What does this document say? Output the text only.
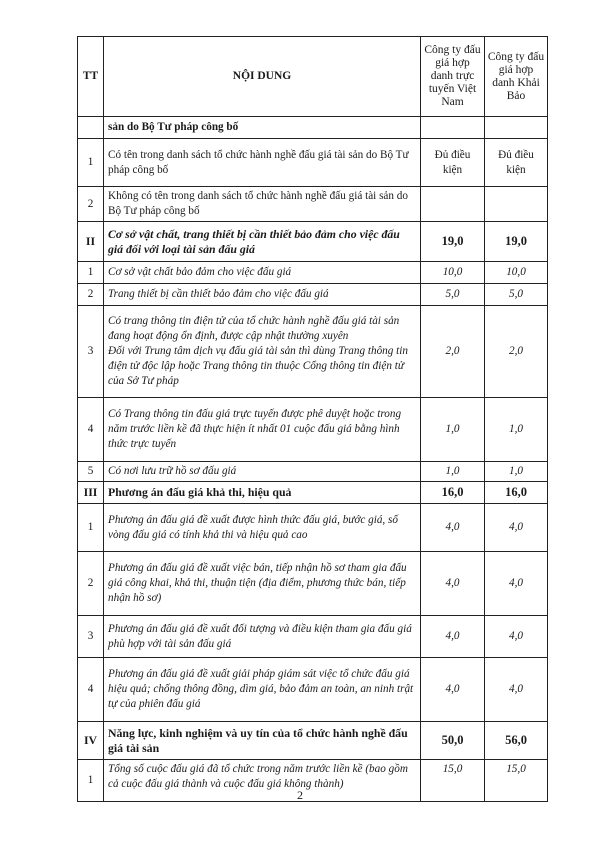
TT	NỘI DUNG	Công ty đấu giá hợp danh trực tuyến Việt Nam	Công ty đấu giá hợp danh Khải Bảo
	sản do Bộ Tư pháp công bố		
1	Có tên trong danh sách tổ chức hành nghề đấu giá tài sản do Bộ Tư pháp công bố	Đủ điều kiện	Đủ điều kiện
2	Không có tên trong danh sách tổ chức hành nghề đấu giá tài sản do Bộ Tư pháp công bố		
II	Cơ sở vật chất, trang thiết bị cần thiết bảo đảm cho việc đấu giá đối với loại tài sản đấu giá	19,0	19,0
1	Cơ sở vật chất bảo đảm cho việc đấu giá	10,0	10,0
2	Trang thiết bị cần thiết bảo đảm cho việc đấu giá	5,0	5,0
3	Có trang thông tin điện tử của tổ chức hành nghề đấu giá tài sản đang hoạt động ổn định, được cập nhật thường xuyên
Đối với Trung tâm dịch vụ đấu giá tài sản thì dùng Trang thông tin điện tử độc lập hoặc Trang thông tin thuộc Cổng thông tin điện tử của Sở Tư pháp	2,0	2,0
4	Có Trang thông tin đấu giá trực tuyến được phê duyệt hoặc trong năm trước liền kề đã thực hiện ít nhất 01 cuộc đấu giá bằng hình thức trực tuyến	1,0	1,0
5	Có nơi lưu trữ hồ sơ đấu giá	1,0	1,0
III	Phương án đấu giá khả thi, hiệu quả	16,0	16,0
1	Phương án đấu giá đề xuất được hình thức đấu giá, bước giá, số vòng đấu giá có tính khả thi và hiệu quả cao	4,0	4,0
2	Phương án đấu giá đề xuất việc bán, tiếp nhận hồ sơ tham gia đấu giá công khai, khả thi, thuận tiện (địa điểm, phương thức bán, tiếp nhận hồ sơ)	4,0	4,0
3	Phương án đấu giá đề xuất đối tượng và điều kiện tham gia đấu giá phù hợp với tài sản đấu giá	4,0	4,0
4	Phương án đấu giá đề xuất giải pháp giám sát việc tổ chức đấu giá hiệu quả; chống thông đồng, dìm giá, bảo đảm an toàn, an ninh trật tự của phiên đấu giá	4,0	4,0
IV	Năng lực, kinh nghiệm và uy tín của tổ chức hành nghề đấu giá tài sản	50,0	56,0
1	Tổng số cuộc đấu giá đã tổ chức trong năm trước liền kề (bao gồm cả cuộc đấu giá thành và cuộc đấu giá không thành)	15,0	15,0
2
